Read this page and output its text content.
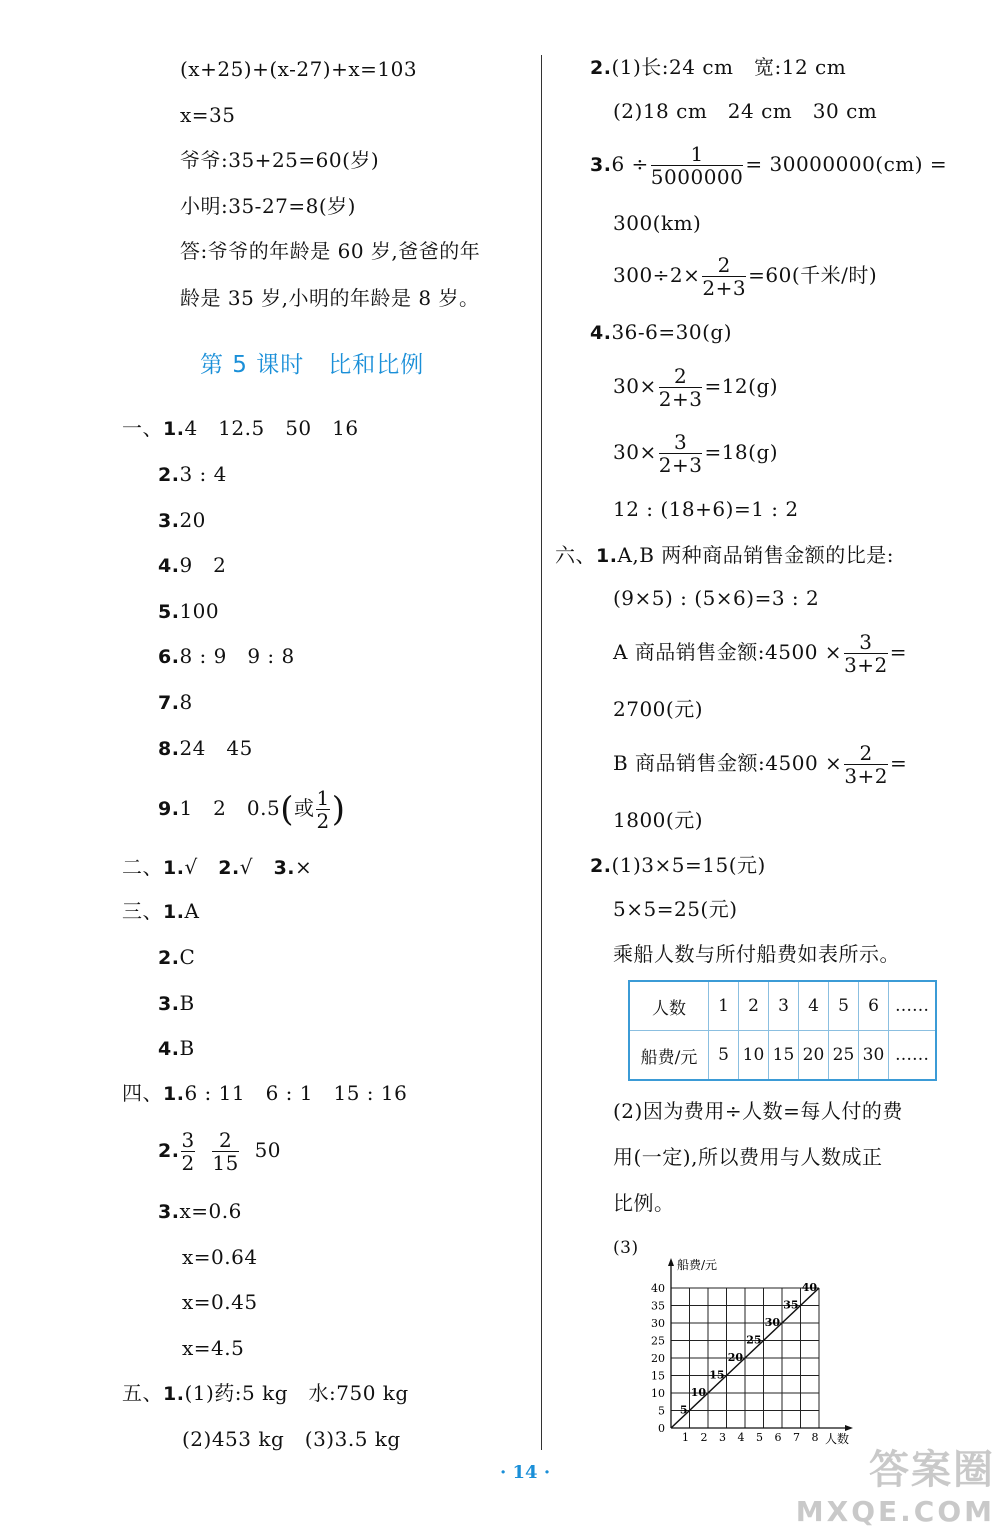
(x+25)+(x-27)+x=103
x=35
爷爷:35+25=60(岁)
小明:35-27=8(岁)
答:爷爷的年龄是 60 岁,爸爸的年
龄是 35 岁,小明的年龄是 8 岁。
第 5 课时　比和比例
一、1.4　12.5　50　16
2.3 : 4
3.20
4.9　2
5.100
6.8 : 9　9 : 8
7.8
8.24　45
9.1　2　0.5(或 $\frac{1}{2}$ )
二、1.√ 2.√ 3.×
三、1.A
2.C
3.B
4.B
四、1.6 : 11　6 : 1　15 : 16
2. $\frac{3}{2}$
$\frac{2}{15} 50$
3.x=0.6
x=0.64
x=0.45
x=4.5
五、1.(1)药:5 kg　水:750 kg
(2)453 kg　(3)3.5 kg
2.(1)长:24 cm　宽:12 cm
(2)18 cm　24 cm　30 cm
$3.6 \div \frac{1}{5000000} = 30000000(cm)$ =
300(km)
$300\div 2\times \frac{2}{2+3} =60$(千米/时)
4.36-6=30(g)
$30\times \frac{2}{2+3} =12(g)$
$30\times \frac{3}{2+3} =18(g)$
12 : (18+6)=1 : 2
六、1.A,B 两种商品销售金额的比是:
(9×5) : (5×6)=3 : 2
A 商品销售金额:4500 × $\frac{3}{3+2}$ =
2700(元)
B 商品销售金额:4500 × $\frac{2}{3+2}$ =
1800(元)
2.(1)3×5=15(元)
5×5=25(元)
乘船人数与所付船费如表所示。
人数	1	2	3	4	5	6	……
船费/元	5	10	15	20	25	30	……
(2)因为费用÷人数=每人付的费
用(一定),所以费用与人数成正
比例。
(3)
船费/元
人数
0
5
10
15
20
25
30
35
40
1 2 3 4 5 6 7 8
5
10
15
20
25
30
35
40
· 14 ·	答案圈
MXQE.COM
